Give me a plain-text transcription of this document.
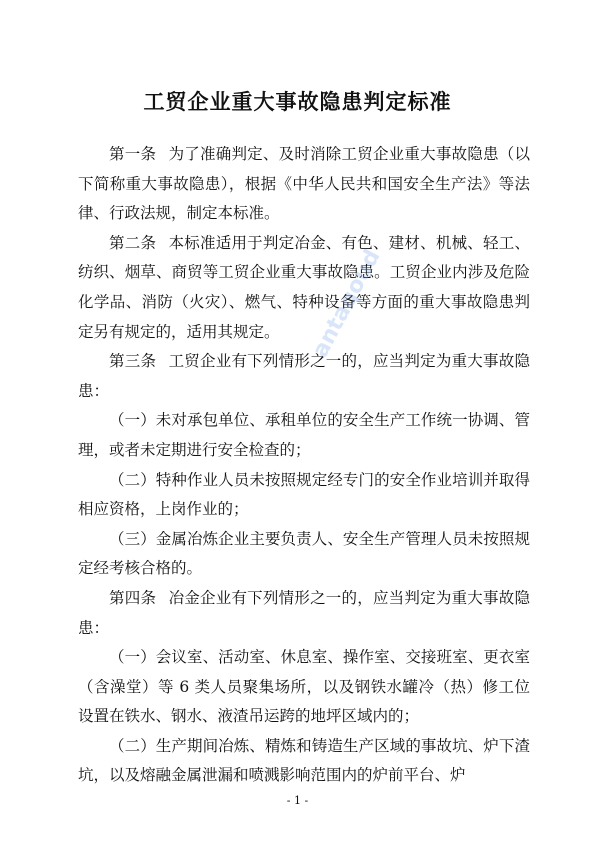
工贸企业重大事故隐患判定标准

第一条 为了准确判定、及时消除工贸企业重大事故隐患（以下简称重大事故隐患），根据《中华人民共和国安全生产法》等法律、行政法规，制定本标准。

第二条 本标准适用于判定冶金、有色、建材、机械、轻工、纺织、烟草、商贸等工贸企业重大事故隐患。工贸企业内涉及危险化学品、消防（火灾）、燃气、特种设备等方面的重大事故隐患判定另有规定的，适用其规定。

第三条 工贸企业有下列情形之一的，应当判定为重大事故隐患：

（一）未对承包单位、承租单位的安全生产工作统一协调、管理，或者未定期进行安全检查的；

（二）特种作业人员未按照规定经专门的安全作业培训并取得相应资格，上岗作业的；

（三）金属冶炼企业主要负责人、安全生产管理人员未按照规定经考核合格的。

第四条 冶金企业有下列情形之一的，应当判定为重大事故隐患：

（一）会议室、活动室、休息室、操作室、交接班室、更衣室（含澡堂）等 6 类人员聚集场所，以及钢铁水罐冷（热）修工位设置在铁水、钢水、液渣吊运跨的地坪区域内的；

（二）生产期间冶炼、精炼和铸造生产区域的事故坑、炉下渣坑，以及熔融金属泄漏和喷溅影响范围内的炉前平台、炉

antaqoud
- 1 -
